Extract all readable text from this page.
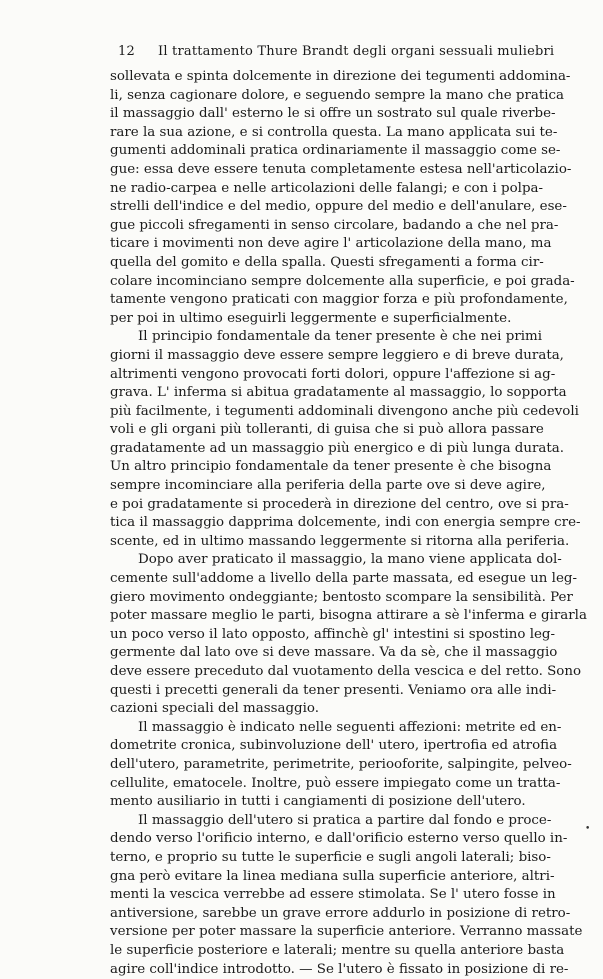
12 Il trattamento Thure Brandt degli organi sessuali muliebri

sollevata e spinta dolcemente in direzione dei tegumenti addomina-
li, senza cagionare dolore, e seguendo sempre la mano che pratica
il massaggio dall' esterno le si offre un sostrato sul quale riverbe-
rare la sua azione, e si controlla questa. La mano applicata sui te-
gumenti addominali pratica ordinariamente il massaggio come se-
gue: essa deve essere tenuta completamente estesa nell'articolazio-
ne radio-carpea e nelle articolazioni delle falangi; e con i polpa-
strelli dell'indice e del medio, oppure del medio e dell'anulare, ese-
gue piccoli sfregamenti in senso circolare, badando a che nel pra-
ticare i movimenti non deve agire l' articolazione della mano, ma
quella del gomito e della spalla. Questi sfregamenti a forma cir-
colare incominciano sempre dolcemente alla superficie, e poi grada-
tamente vengono praticati con maggior forza e più profondamente,
per poi in ultimo eseguirli leggermente e superficialmente.

Il principio fondamentale da tener presente è che nei primi
giorni il massaggio deve essere sempre leggiero e di breve durata,
altrimenti vengono provocati forti dolori, oppure l'affezione si ag-
grava. L' inferma si abitua gradatamente al massaggio, lo sopporta
più facilmente, i tegumenti addominali divengono anche più cedevoli
voli e gli organi più tolleranti, di guisa che si può allora passare
gradatamente ad un massaggio più energico e di più lunga durata.
Un altro principio fondamentale da tener presente è che bisogna
sempre incominciare alla periferia della parte ove si deve agire,
e poi gradatamente si procederà in direzione del centro, ove si pra-
tica il massaggio dapprima dolcemente, indi con energia sempre cre-
scente, ed in ultimo massando leggermente si ritorna alla periferia.

Dopo aver praticato il massaggio, la mano viene applicata dol-
cemente sull'addome a livello della parte massata, ed esegue un leg-
giero movimento ondeggiante; bentosto scompare la sensibilità. Per
poter massare meglio le parti, bisogna attirare a sè l'inferma e girarla
un poco verso il lato opposto, affinchè gl' intestini si spostino leg-
germente dal lato ove si deve massare. Va da sè, che il massaggio
deve essere preceduto dal vuotamento della vescica e del retto. Sono
questi i precetti generali da tener presenti. Veniamo ora alle indi-
cazioni speciali del massaggio.

Il massaggio è indicato nelle seguenti affezioni: metrite ed en-
dometrite cronica, subinvoluzione dell' utero, ipertrofia ed atrofia
dell'utero, parametrite, perimetrite, periooforite, salpingite, pelveo-
cellulite, ematocele. Inoltre, può essere impiegato come un tratta-
mento ausiliario in tutti i cangiamenti di posizione dell'utero.

Il massaggio dell'utero si pratica a partire dal fondo e proce-
dendo verso l'orificio interno, e dall'orificio esterno verso quello in-
terno, e proprio su tutte le superficie e sugli angoli laterali; biso-
gna però evitare la linea mediana sulla superficie anteriore, altri-
menti la vescica verrebbe ad essere stimolata. Se l' utero fosse in
antiversione, sarebbe un grave errore addurlo in posizione di retro-
versione per poter massare la superficie anteriore. Verranno massate
le superficie posteriore e laterali; mentre su quella anteriore basta
agire coll'indice introdotto. — Se l'utero è fissato in posizione di re-

•
